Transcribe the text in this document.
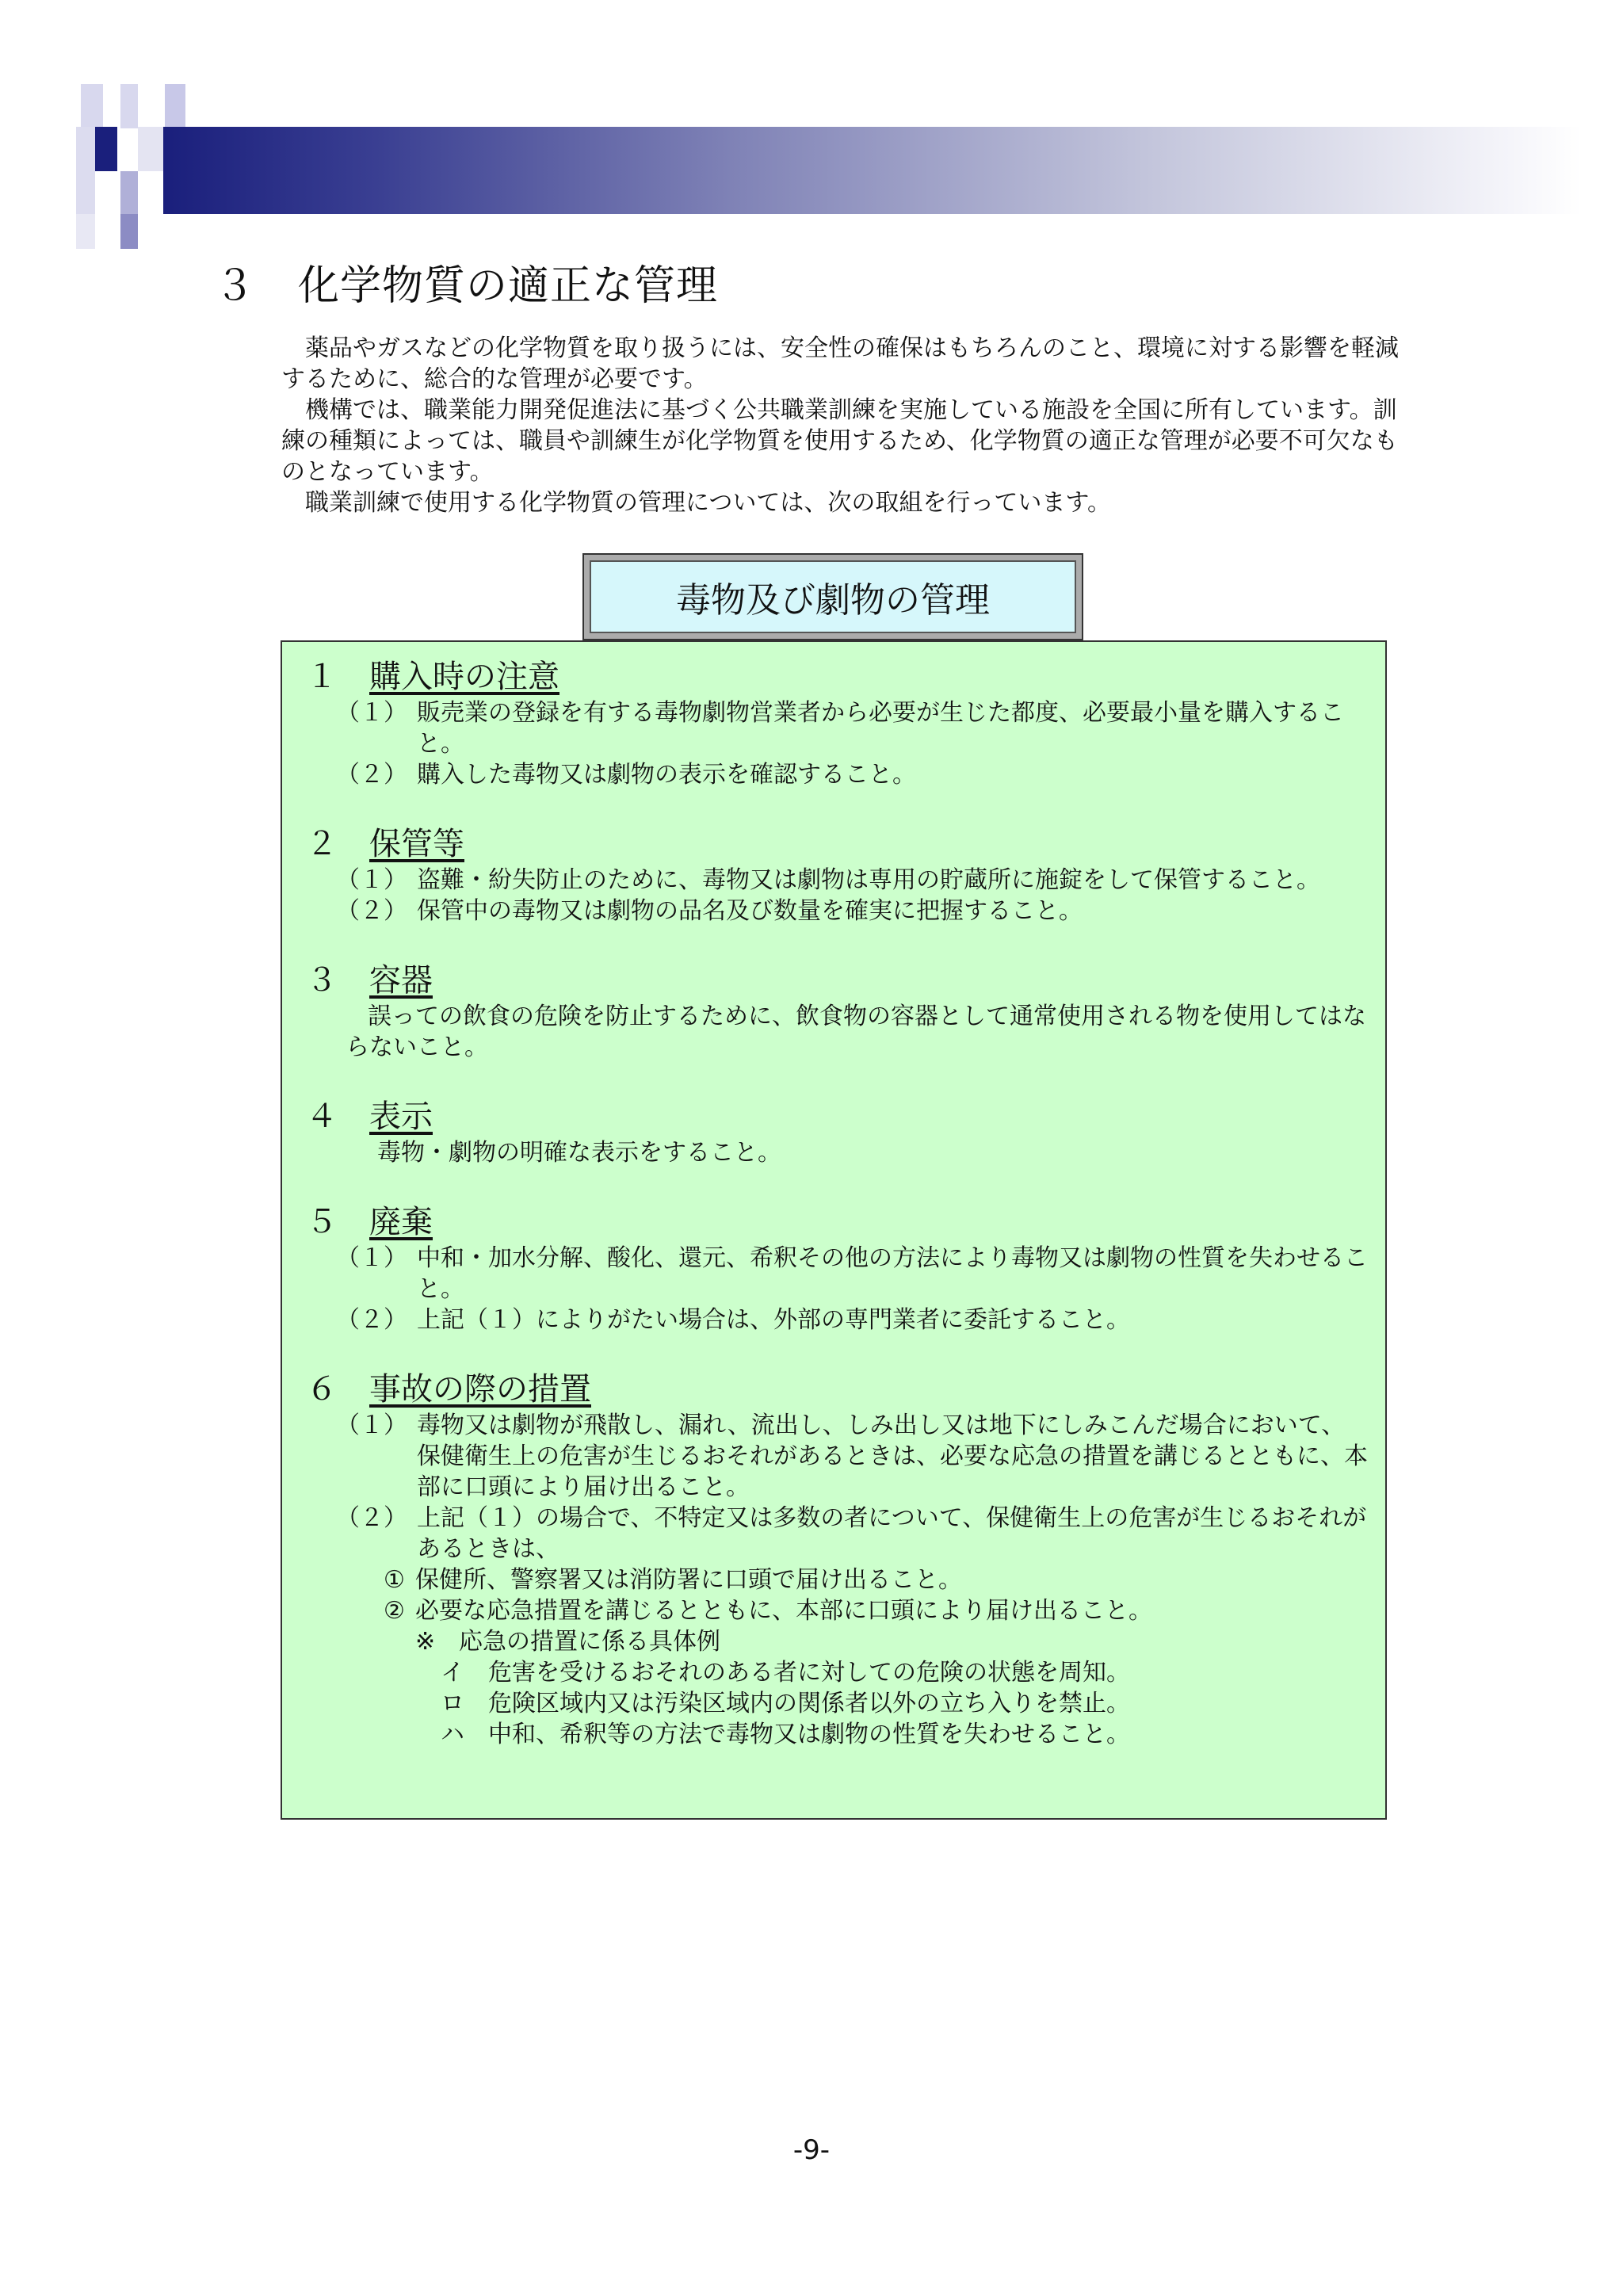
３　 化学物質の適正な管理

薬品やガスなどの化学物質を取り扱うには、安全性の確保はもちろんのこと、環境に対する影響を軽減するために、総合的な管理が必要です。

機構では、職業能力開発促進法に基づく公共職業訓練を実施している施設を全国に所有しています。訓練の種類によっては、職員や訓練生が化学物質を使用するため、化学物質の適正な管理が必要不可欠なものとなっています。

職業訓練で使用する化学物質の管理については、次の取組を行っています。

毒物及び劇物の管理
１ 購入時の注意
（１） 販売業の登録を有する毒物劇物営業者から必要が生じた都度、必要最小量を購入すること。
（２） 購入した毒物又は劇物の表示を確認すること。
２ 保管等
（１） 盗難・紛失防止のために、毒物又は劇物は専用の貯蔵所に施錠をして保管すること。
（２） 保管中の毒物又は劇物の品名及び数量を確実に把握すること。
３ 容器
誤っての飲食の危険を防止するために、飲食物の容器として通常使用される物を使用してはならないこと。
４ 表示
毒物・劇物の明確な表示をすること。
５ 廃棄
（１） 中和・加水分解、酸化、還元、希釈その他の方法により毒物又は劇物の性質を失わせること。
（２） 上記（１）によりがたい場合は、外部の専門業者に委託すること。
６ 事故の際の措置
（１） 毒物又は劇物が飛散し、漏れ、流出し、しみ出し又は地下にしみこんだ場合において、保健衛生上の危害が生じるおそれがあるときは、必要な応急の措置を講じるとともに、本部に口頭により届け出ること。
（２） 上記（１）の場合で、不特定又は多数の者について、保健衛生上の危害が生じるおそれがあるときは、
① 保健所、警察署又は消防署に口頭で届け出ること。
② 必要な応急措置を講じるとともに、本部に口頭により届け出ること。
※ 応急の措置に係る具体例
イ 危害を受けるおそれのある者に対しての危険の状態を周知。
ロ 危険区域内又は汚染区域内の関係者以外の立ち入りを禁止。
ハ 中和、希釈等の方法で毒物又は劇物の性質を失わせること。
-9-
